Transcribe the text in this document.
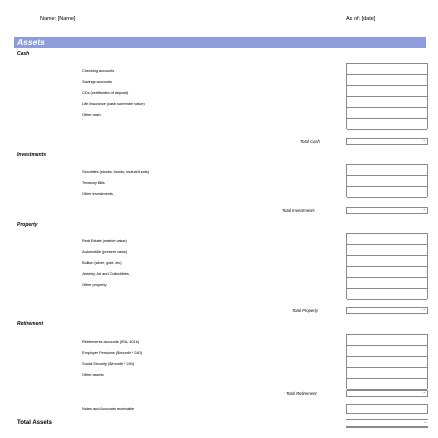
Name: [Name]	As of: [date]
Assets
Cash
Checking accounts
Savings accounts
CDs (certificates of deposit)
Life Insurance (cash surrender value)
Other cash
Total Cash	-
Investments
Securities (stocks, bonds, mutual funds)
Treasury Bills
Other investments
Total Investments	-
Property
Real Estate (market value)
Automobile (present value)
Bullion (silver, gold, etc)
Jewelry, Art and Collectibles
Other property
Total Property	-
Retirement
Retirements accounts (IRA, 401k)
Employer Pensions ($/month * 240)
Social Security ($/month * 240)
Other assets
Total Retirement	-
Notes and Accounts receivable
Total Assets	-
